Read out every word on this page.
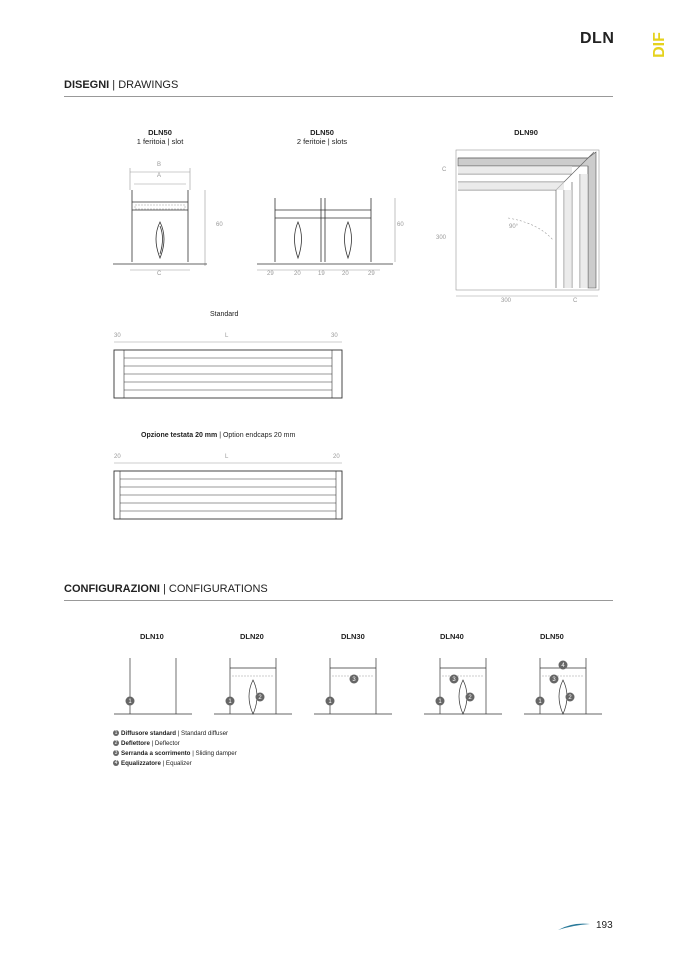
DLN DIF
DISEGNI | DRAWINGS
DLN50
1 feritoia | slot
DLN50
2 feritoie | slots
DLN90
B
A
60
C
60
29	20	19	20	29
C
300
90°
300	C
Standard
30	L	30
Opzione testata 20 mm | Option endcaps 20 mm
20	L	20
CONFIGURAZIONI | CONFIGURATIONS
DLN10	DLN20	DLN30	DLN40	DLN50
1	1
2
1
3
1
3
2
1
3
2
4
1 Diffusore standard | Standard diffuser
2 Deflettore | Deflector
3 Serranda a scorrimento | Sliding damper
4 Equalizzatore | Equalizer
193
